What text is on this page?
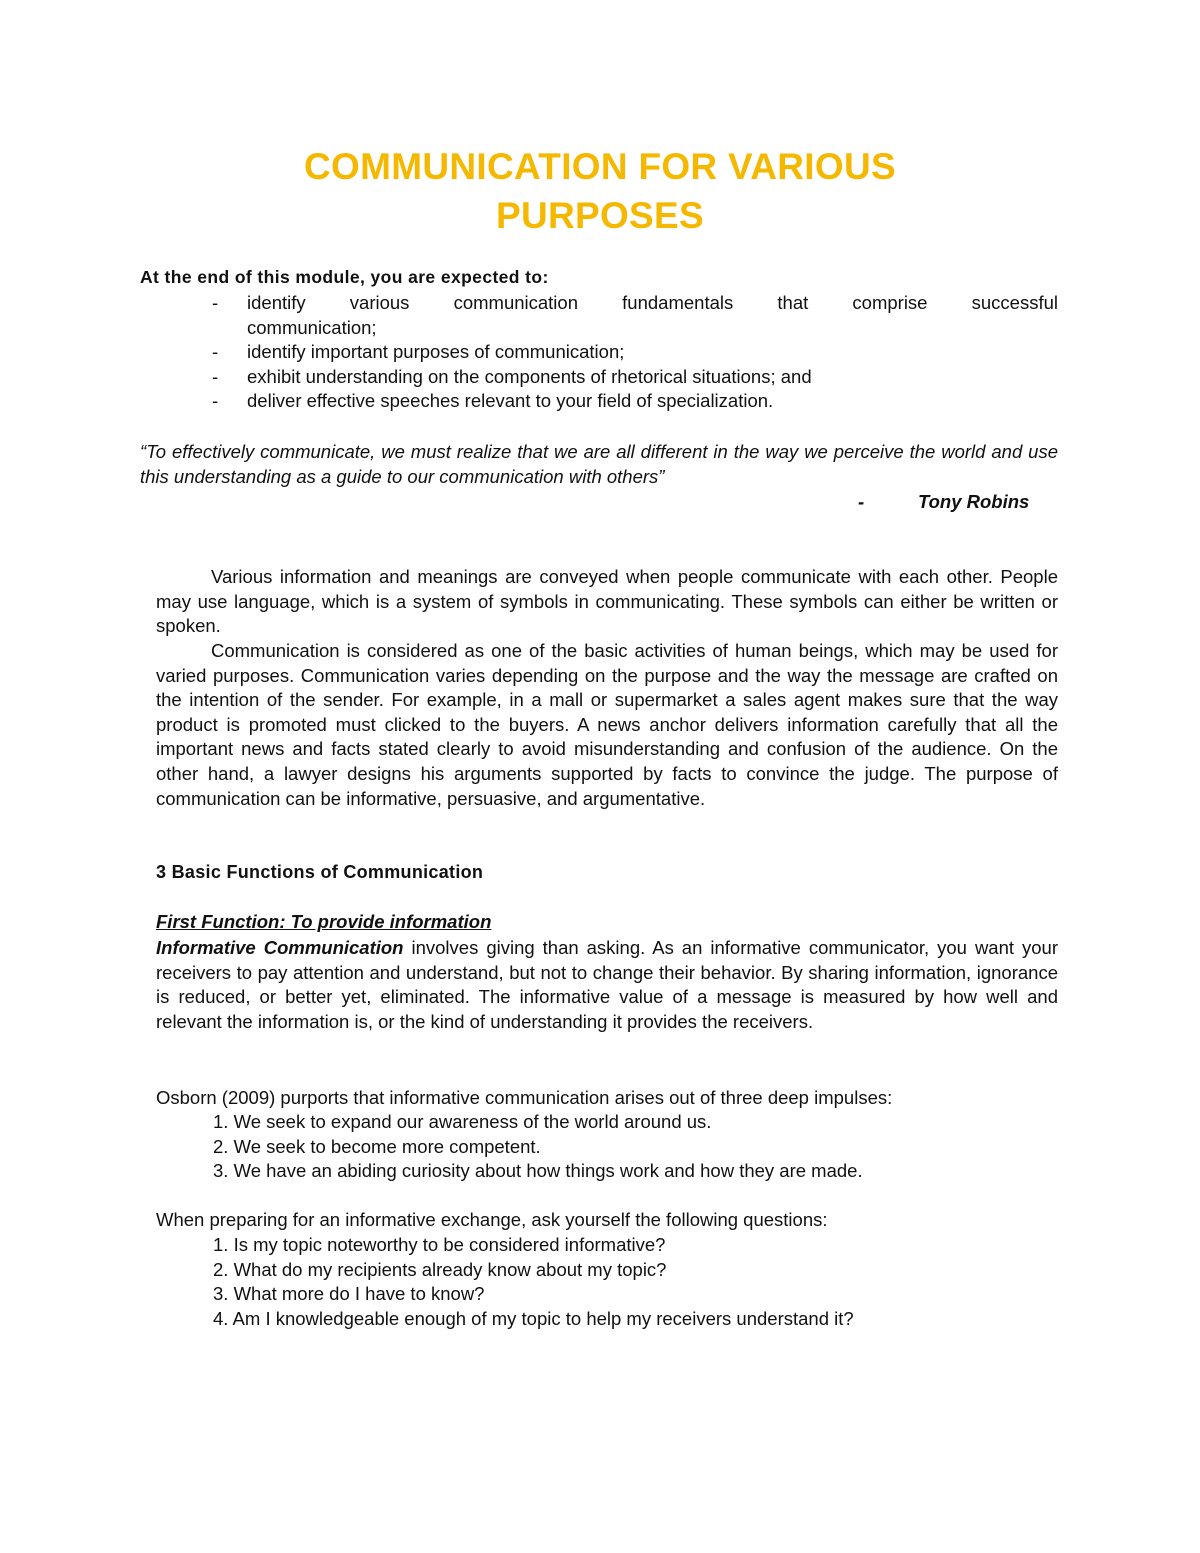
COMMUNICATION FOR VARIOUS
PURPOSES
At the end of this module, you are expected to:
- identify various communication fundamentals that comprise successful
communication;
- identify important purposes of communication;
- exhibit understanding on the components of rhetorical situations; and
- deliver effective speeches relevant to your field of specialization.

“To effectively communicate, we must realize that we are all different in the way we perceive the world and use this understanding as a guide to our communication with others”

-	Tony Robins

Various information and meanings are conveyed when people communicate with each other. People may use language, which is a system of symbols in communicating. These symbols can either be written or spoken.

Communication is considered as one of the basic activities of human beings, which may be used for varied purposes. Communication varies depending on the purpose and the way the message are crafted on the intention of the sender. For example, in a mall or supermarket a sales agent makes sure that the way product is promoted must clicked to the buyers. A news anchor delivers information carefully that all the important news and facts stated clearly to avoid misunderstanding and confusion of the audience. On the other hand, a lawyer designs his arguments supported by facts to convince the judge. The purpose of communication can be informative, persuasive, and argumentative.

3 Basic Functions of Communication
First Function: To provide information

Informative Communication involves giving than asking. As an informative communicator, you want your receivers to pay attention and understand, but not to change their behavior. By sharing information, ignorance is reduced, or better yet, eliminated. The informative value of a message is measured by how well and relevant the information is, or the kind of understanding it provides the receivers.

Osborn (2009) purports that informative communication arises out of three deep impulses:

1. We seek to expand our awareness of the world around us.
2. We seek to become more competent.
3. We have an abiding curiosity about how things work and how they are made.

When preparing for an informative exchange, ask yourself the following questions:

1. Is my topic noteworthy to be considered informative?
2. What do my recipients already know about my topic?
3. What more do I have to know?
4. Am I knowledgeable enough of my topic to help my receivers understand it?
